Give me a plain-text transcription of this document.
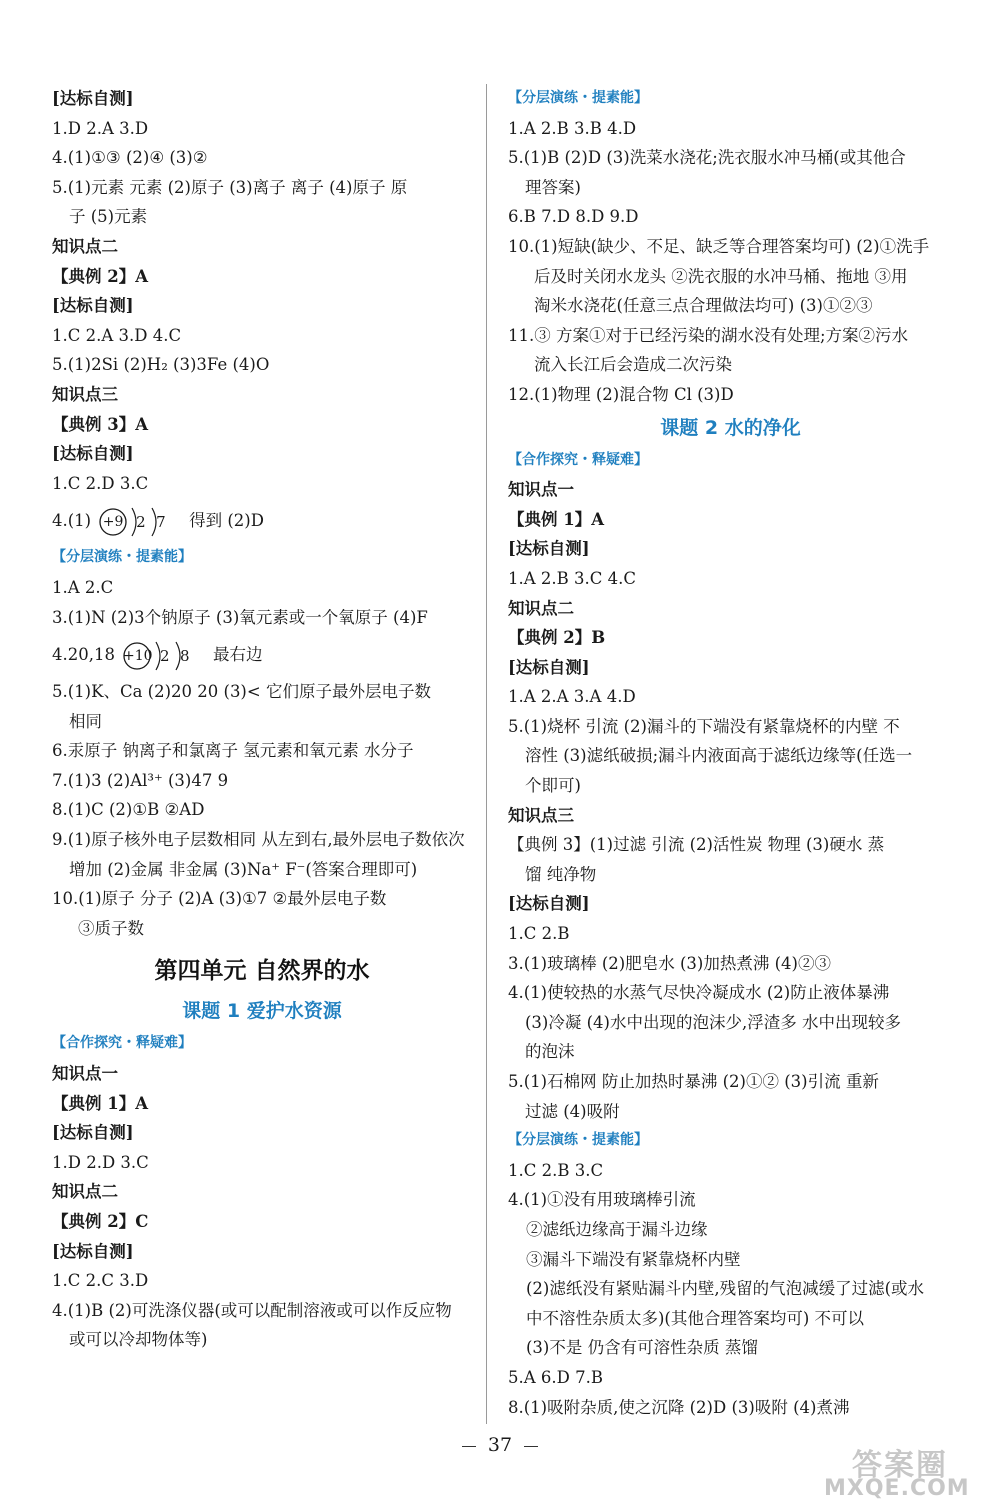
[达标自测]
1.D 2.A 3.D
4.(1)①③ (2)④ (3)②
5.(1)元素 元素 (2)原子 (3)离子 离子 (4)原子 原
子 (5)元素
知识点二
【典例 2】A
[达标自测]
1.C 2.A 3.D 4.C
5.(1)2Si (2)H₂ (3)3Fe (4)O
知识点三
【典例 3】A
[达标自测]
1.C 2.D 3.C
4.(1) +9 2 7 得到 (2)D
【分层演练・提素能】
1.A 2.C
3.(1)N (2)3个钠原子 (3)氧元素或一个氧原子 (4)F
4.20,18 +10 2 8 最右边
5.(1)K、Ca (2)20 20 (3)< 它们原子最外层电子数
相同
6.汞原子 钠离子和氯离子 氢元素和氧元素 水分子
7.(1)3 (2)Al³⁺ (3)47 9
8.(1)C (2)①B ②AD
9.(1)原子核外电子层数相同 从左到右,最外层电子数依次
增加 (2)金属 非金属 (3)Na⁺ F⁻(答案合理即可)
10.(1)原子 分子 (2)A (3)①7 ②最外层电子数
③质子数
第四单元 自然界的水
课题 1 爱护水资源
【合作探究・释疑难】
知识点一
【典例 1】A
[达标自测]
1.D 2.D 3.C
知识点二
【典例 2】C
[达标自测]
1.C 2.C 3.D
4.(1)B (2)可洗涤仪器(或可以配制溶液或可以作反应物
或可以冷却物体等)
【分层演练・提素能】
1.A 2.B 3.B 4.D
5.(1)B (2)D (3)洗菜水浇花;洗衣服水冲马桶(或其他合
理答案)
6.B 7.D 8.D 9.D
10.(1)短缺(缺少、不足、缺乏等合理答案均可) (2)①洗手
后及时关闭水龙头 ②洗衣服的水冲马桶、拖地 ③用
淘米水浇花(任意三点合理做法均可) (3)①②③
11.③ 方案①对于已经污染的湖水没有处理;方案②污水
流入长江后会造成二次污染
12.(1)物理 (2)混合物 Cl (3)D
课题 2 水的净化
【合作探究・释疑难】
知识点一
【典例 1】A
[达标自测]
1.A 2.B 3.C 4.C
知识点二
【典例 2】B
[达标自测]
1.A 2.A 3.A 4.D
5.(1)烧杯 引流 (2)漏斗的下端没有紧靠烧杯的内壁 不
溶性 (3)滤纸破损;漏斗内液面高于滤纸边缘等(任选一
个即可)
知识点三
【典例 3】(1)过滤 引流 (2)活性炭 物理 (3)硬水 蒸
馏 纯净物
[达标自测]
1.C 2.B
3.(1)玻璃棒 (2)肥皂水 (3)加热煮沸 (4)②③
4.(1)使较热的水蒸气尽快冷凝成水 (2)防止液体暴沸
(3)冷凝 (4)水中出现的泡沫少,浮渣多 水中出现较多
的泡沫
5.(1)石棉网 防止加热时暴沸 (2)①② (3)引流 重新
过滤 (4)吸附
【分层演练・提素能】
1.C 2.B 3.C
4.(1)①没有用玻璃棒引流
②滤纸边缘高于漏斗边缘
③漏斗下端没有紧靠烧杯内壁
(2)滤纸没有紧贴漏斗内壁,残留的气泡减缓了过滤(或水
中不溶性杂质太多)(其他合理答案均可) 不可以
(3)不是 仍含有可溶性杂质 蒸馏
5.A 6.D 7.B
8.(1)吸附杂质,使之沉降 (2)D (3)吸附 (4)煮沸
37
答案圈
MXQE.COM
